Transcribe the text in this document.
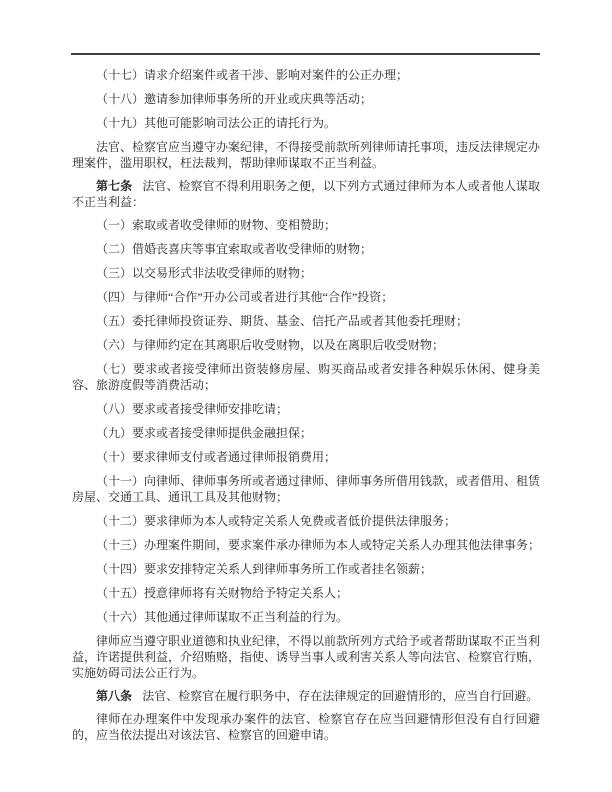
（十七）请求介绍案件或者干涉、影响对案件的公正办理；

（十八）邀请参加律师事务所的开业或庆典等活动；

（十九）其他可能影响司法公正的请托行为。

法官、检察官应当遵守办案纪律，不得接受前款所列律师请托事项，违反法律规定办理案件，滥用职权，枉法裁判，帮助律师谋取不正当利益。

第七条 法官、检察官不得利用职务之便，以下列方式通过律师为本人或者他人谋取不正当利益：

（一）索取或者收受律师的财物、变相赞助；

（二）借婚丧喜庆等事宜索取或者收受律师的财物；

（三）以交易形式非法收受律师的财物；

（四）与律师“合作”开办公司或者进行其他“合作”投资；

（五）委托律师投资证券、期货、基金、信托产品或者其他委托理财；

（六）与律师约定在其离职后收受财物，以及在离职后收受财物；

（七）要求或者接受律师出资装修房屋、购买商品或者安排各种娱乐休闲、健身美容、旅游度假等消费活动；

（八）要求或者接受律师安排吃请；

（九）要求或者接受律师提供金融担保；

（十）要求律师支付或者通过律师报销费用；

（十一）向律师、律师事务所或者通过律师、律师事务所借用钱款，或者借用、租赁房屋、交通工具、通讯工具及其他财物；

（十二）要求律师为本人或特定关系人免费或者低价提供法律服务；

（十三）办理案件期间，要求案件承办律师为本人或特定关系人办理其他法律事务；

（十四）要求安排特定关系人到律师事务所工作或者挂名领薪；

（十五）授意律师将有关财物给予特定关系人；

（十六）其他通过律师谋取不正当利益的行为。

律师应当遵守职业道德和执业纪律，不得以前款所列方式给予或者帮助谋取不正当利益，许诺提供利益，介绍贿赂，指使、诱导当事人或利害关系人等向法官、检察官行贿，实施妨碍司法公正行为。

第八条 法官、检察官在履行职务中，存在法律规定的回避情形的，应当自行回避。

律师在办理案件中发现承办案件的法官、检察官存在应当回避情形但没有自行回避的，应当依法提出对该法官、检察官的回避申请。
